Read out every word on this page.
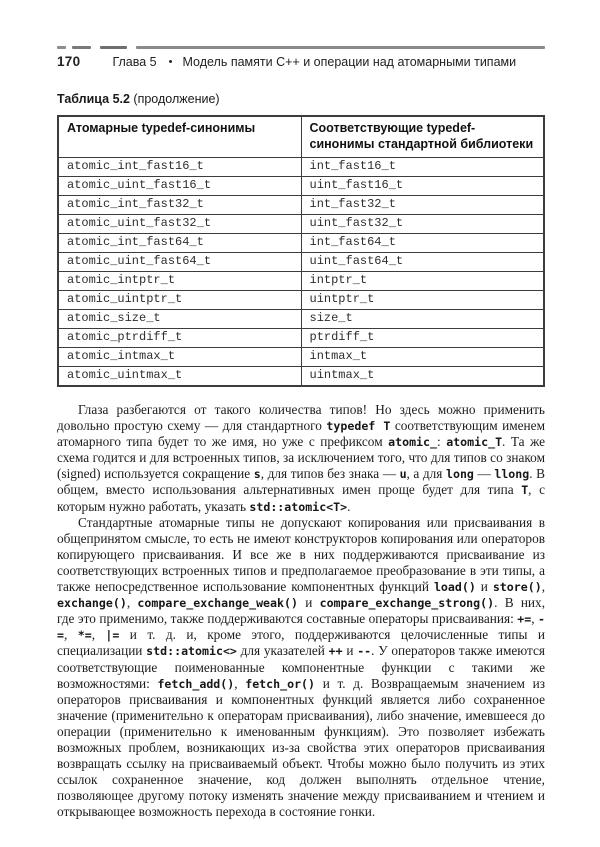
170	Глава 5 • Модель памяти C++ и операции над атомарными типами
Таблица 5.2 (продолжение)
Атомарные typedef-синонимы	Соответствующие typedef-синонимы стандартной библиотеки
atomic_int_fast16_t	int_fast16_t
atomic_uint_fast16_t	uint_fast16_t
atomic_int_fast32_t	int_fast32_t
atomic_uint_fast32_t	uint_fast32_t
atomic_int_fast64_t	int_fast64_t
atomic_uint_fast64_t	uint_fast64_t
atomic_intptr_t	intptr_t
atomic_uintptr_t	uintptr_t
atomic_size_t	size_t
atomic_ptrdiff_t	ptrdiff_t
atomic_intmax_t	intmax_t
atomic_uintmax_t	uintmax_t

Глаза разбегаются от такого количества типов! Но здесь можно применить довольно простую схему — для стандартного typedef T соответствующим именем атомарного типа будет то же имя, но уже с префиксом atomic_: atomic_T. Та же схема годится и для встроенных типов, за исключением того, что для типов со знаком (signed) используется сокращение s, для типов без знака — u, а для long — llong. В общем, вместо использования альтернативных имен проще будет для типа T, с которым нужно работать, указать std::atomic<T>.

Стандартные атомарные типы не допускают копирования или присваивания в общепринятом смысле, то есть не имеют конструкторов копирования или операторов копирующего присваивания. И все же в них поддерживаются присваивание из соответствующих встроенных типов и предполагаемое преобразование в эти типы, а также непосредственное использование компонентных функций load() и store(), exchange(), compare_exchange_weak() и compare_exchange_strong(). В них, где это применимо, также поддерживаются составные операторы присваивания: +=, -=, *=, |= и т. д. и, кроме этого, поддерживаются целочисленные типы и специализации std::atomic<> для указателей ++ и --. У операторов также имеются соответствующие поименованные компонентные функции с такими же возможностями: fetch_add(), fetch_or() и т. д. Возвращаемым значением из операторов присваивания и компонентных функций является либо сохраненное значение (применительно к операторам присваивания), либо значение, имевшееся до операции (применительно к именованным функциям). Это позволяет избежать возможных проблем, возникающих из-за свойства этих операторов присваивания возвращать ссылку на присваиваемый объект. Чтобы можно было получить из этих ссылок сохраненное значение, код должен выполнять отдельное чтение, позволяющее другому потоку изменять значение между присваиванием и чтением и открывающее возможность перехода в состояние гонки.
